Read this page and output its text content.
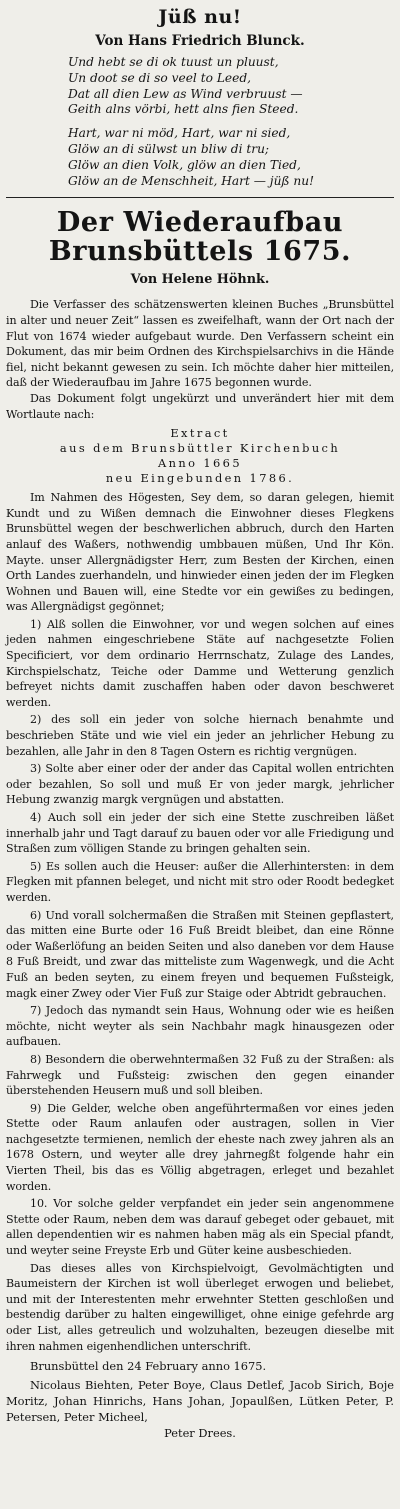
Jüß nu!
Von Hans Friedrich Blunck.
Und hebt se di ok tuust un pluust,
Un doot se di so veel to Leed,
Dat all dien Lew as Wind verbruust —
Geith alns vörbi, hett alns fien Steed.
Hart, war ni möd, Hart, war ni sied,
Glöw an di sülwst un bliw di tru;
Glöw an dien Volk, glöw an dien Tied,
Glöw an de Menschheit, Hart — jüß nu!
Der Wiederaufbau
Brunsbüttels 1675.
Von Helene Höhnk.

Die Verfasser des schätzenswerten kleinen Buches „Brunsbüttel in alter und neuer Zeit“ lassen es zweifelhaft, wann der Ort nach der Flut von 1674 wieder aufgebaut wurde. Den Verfassern scheint ein Dokument, das mir beim Ordnen des Kirchspielsarchivs in die Hände fiel, nicht bekannt gewesen zu sein. Ich möchte daher hier mitteilen, daß der Wiederaufbau im Jahre 1675 begonnen wurde.

Das Dokument folgt ungekürzt und unverändert hier mit dem Wortlaute nach:

Extract
aus dem Brunsbüttler Kirchenbuch
Anno 1665
neu Eingebunden 1786.

Im Nahmen des Högesten, Sey dem, so daran gelegen, hiemit Kundt und zu Wißen demnach die Einwohner dieses Flegkens Brunsbüttel wegen der beschwerlichen abbruch, durch den Harten anlauf des Waßers, nothwendig umbbauen müßen, Und Ihr Kön. Mayte. unser Allergnädigster Herr, zum Besten der Kirchen, einen Orth Landes zuerhandeln, und hinwieder einen jeden der im Flegken Wohnen und Bauen will, eine Stedte vor ein gewißes zu bedingen, was Allergnädigst gegönnet;

1) Alß sollen die Einwohner, vor und wegen solchen auf eines jeden nahmen eingeschriebene Stäte auf nachgesetzte Folien Specificiert, vor dem ordinario Herrnschatz, Zulage des Landes, Kirchspielschatz, Teiche oder Damme und Wetterung genzlich befreyet nichts damit zuschaffen haben oder davon beschweret werden.

2) des soll ein jeder von solche hiernach benahmte und beschrieben Stäte und wie viel ein jeder an jehrlicher Hebung zu bezahlen, alle Jahr in den 8 Tagen Ostern es richtig vergnügen.

3) Solte aber einer oder der ander das Capital wollen entrichten oder bezahlen, So soll und muß Er von jeder margk, jehrlicher Hebung zwanzig margk vergnügen und abstatten.

4) Auch soll ein jeder der sich eine Stette zuschreiben läßet innerhalb jahr und Tagt darauf zu bauen oder vor alle Friedigung und Straßen zum völligen Stande zu bringen gehalten sein.

5) Es sollen auch die Heuser: außer die Allerhintersten: in dem Flegken mit pfannen beleget, und nicht mit stro oder Roodt bedegket werden.

6) Und vorall solchermaßen die Straßen mit Steinen gepflastert, das mitten eine Burte oder 16 Fuß Breidt bleibet, dan eine Rönne oder Waßerlöfung an beiden Seiten und also daneben vor dem Hause 8 Fuß Breidt, und zwar das mitteliste zum Wagenwegk, und die Acht Fuß an beden seyten, zu einem freyen und bequemen Fußsteigk, magk einer Zwey oder Vier Fuß zur Staige oder Abtridt gebrauchen.

7) Jedoch das nymandt sein Haus, Wohnung oder wie es heißen möchte, nicht weyter als sein Nachbahr magk hinausgezen oder aufbauen.

8) Besondern die oberwehntermaßen 32 Fuß zu der Straßen: als Fahrwegk und Fußsteig: zwischen den gegen einander überstehenden Heusern muß und soll bleiben.

9) Die Gelder, welche oben angeführtermaßen vor eines jeden Stette oder Raum anlaufen oder austragen, sollen in Vier nachgesetzte termienen, nemlich der eheste nach zwey jahren als an 1678 Ostern, und weyter alle drey jahrnegßt folgende hahr ein Vierten Theil, bis das es Völlig abgetragen, erleget und bezahlet worden.

10. Vor solche gelder verpfandet ein jeder sein angenommene Stette oder Raum, neben dem was darauf gebeget oder gebauet, mit allen dependentien wir es nahmen haben mäg als ein Special pfandt, und weyter seine Freyste Erb und Güter keine ausbeschieden.

Das dieses alles von Kirchspielvoigt, Gevolmächtigten und Baumeistern der Kirchen ist woll überleget erwogen und beliebet, und mit der Interestenten mehr erwehnter Stetten geschloßen und bestendig darüber zu halten eingewilliget, ohne einige gefehrde arg oder List, alles getreulich und wolzuhalten, bezeugen dieselbe mit ihren nahmen eigenhendlichen unterschrift.

Brunsbüttel den 24 February anno 1675.

Nicolaus Biehten, Peter Boye, Claus Detlef, Jacob Sirich, Boje Moritz, Johan Hinrichs, Hans Johan, Jopaulßen, Lütken Peter, P. Petersen, Peter Micheel,

Peter Drees.
